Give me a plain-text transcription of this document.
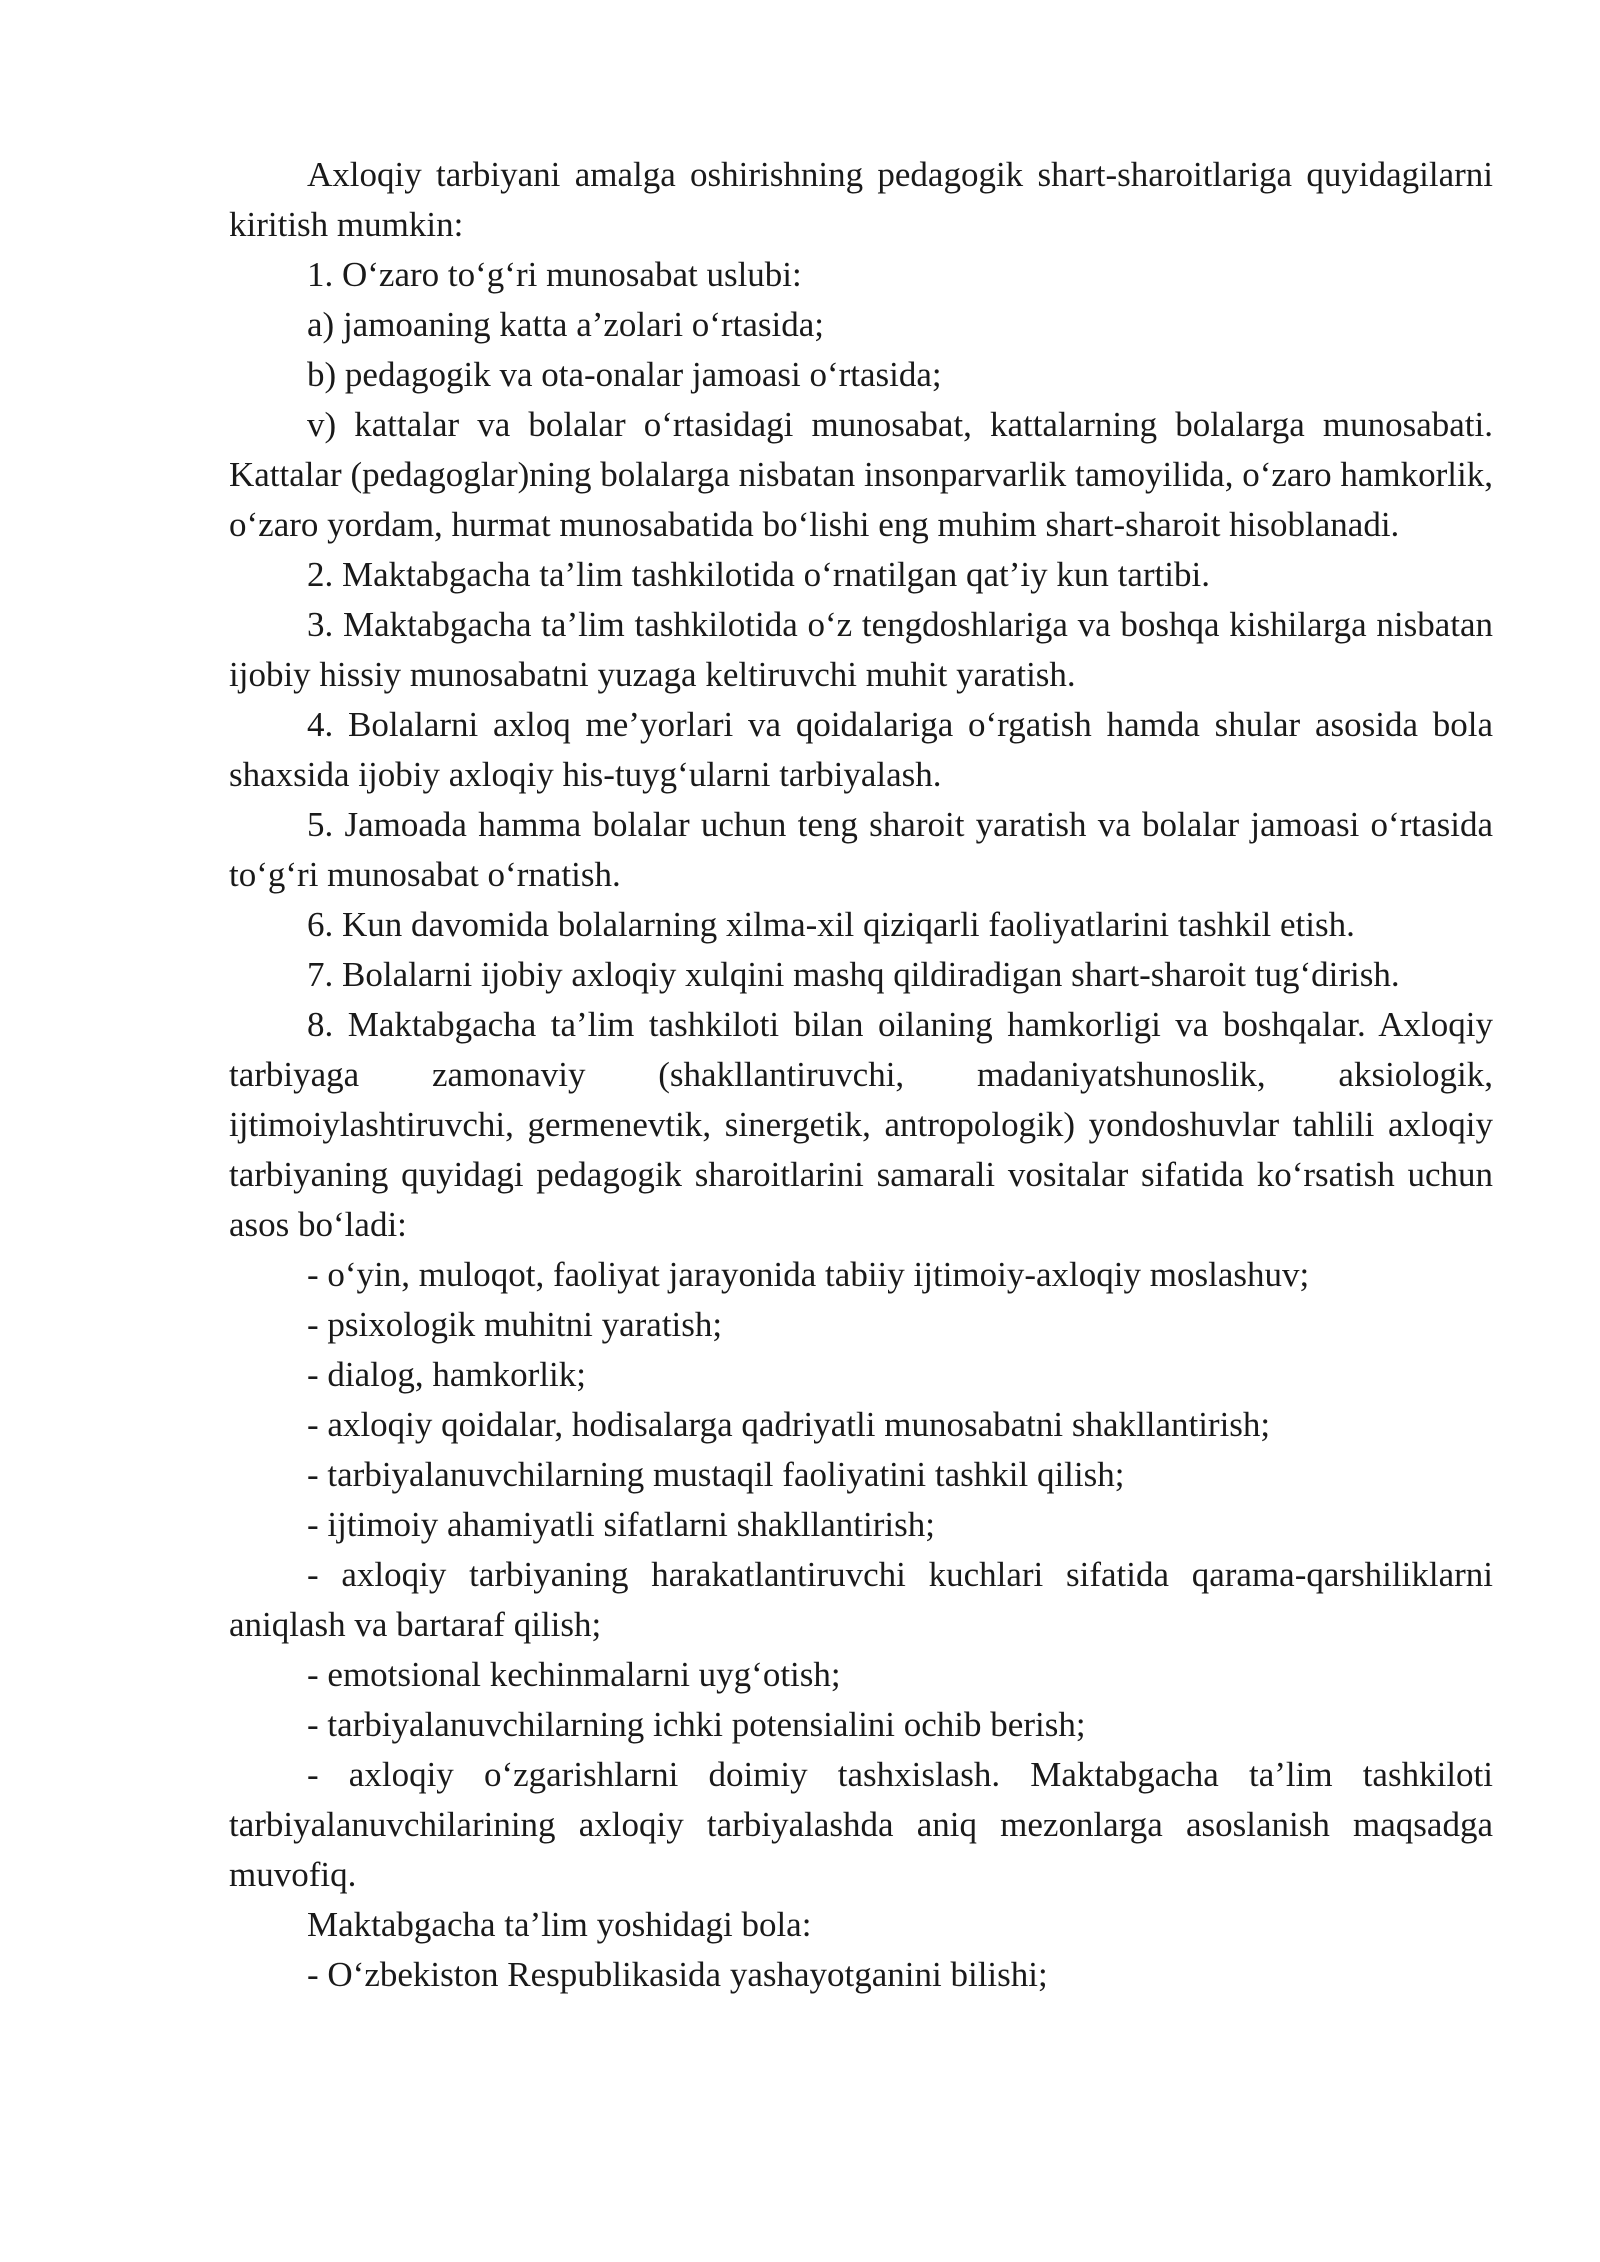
Axloqiy tarbiyani amalga oshirishning pedagogik shart-sharoitlariga quyidagilarni kiritish mumkin:

1. O‘zaro to‘g‘ri munosabat uslubi:

a) jamoaning katta a’zolari o‘rtasida;

b) pedagogik va ota-onalar jamoasi o‘rtasida;

v) kattalar va bolalar o‘rtasidagi munosabat, kattalarning bolalarga munosabati. Kattalar (pedagoglar)ning bolalarga nisbatan insonparvarlik tamoyilida, o‘zaro hamkorlik, o‘zaro yordam, hurmat munosabatida bo‘lishi eng muhim shart-sharoit hisoblanadi.

2. Maktabgacha ta’lim tashkilotida o‘rnatilgan qat’iy kun tartibi.

3. Maktabgacha ta’lim tashkilotida o‘z tengdoshlariga va boshqa kishilarga nisbatan ijobiy hissiy munosabatni yuzaga keltiruvchi muhit yaratish.

4. Bolalarni axloq me’yorlari va qoidalariga o‘rgatish hamda shular asosida bola shaxsida ijobiy axloqiy his-tuyg‘ularni tarbiyalash.

5. Jamoada hamma bolalar uchun teng sharoit yaratish va bolalar jamoasi o‘rtasida to‘g‘ri munosabat o‘rnatish.

6. Kun davomida bolalarning xilma-xil qiziqarli faoliyatlarini tashkil etish.

7. Bolalarni ijobiy axloqiy xulqini mashq qildiradigan shart-sharoit tug‘dirish.

8. Maktabgacha ta’lim tashkiloti bilan oilaning hamkorligi va boshqalar. Axloqiy tarbiyaga zamonaviy (shakllantiruvchi, madaniyatshunoslik, aksiologik, ijtimoiylashtiruvchi, germenevtik, sinergetik, antropologik) yondoshuvlar tahlili axloqiy tarbiyaning quyidagi pedagogik sharoitlarini samarali vositalar sifatida ko‘rsatish uchun asos bo‘ladi:

- o‘yin, muloqot, faoliyat jarayonida tabiiy ijtimoiy-axloqiy moslashuv;

- psixologik muhitni yaratish;

- dialog, hamkorlik;

- axloqiy qoidalar, hodisalarga qadriyatli munosabatni shakllantirish;

- tarbiyalanuvchilarning mustaqil faoliyatini tashkil qilish;

- ijtimoiy ahamiyatli sifatlarni shakllantirish;

- axloqiy tarbiyaning harakatlantiruvchi kuchlari sifatida qarama-qarshiliklarni aniqlash va bartaraf qilish;

- emotsional kechinmalarni uyg‘otish;

- tarbiyalanuvchilarning ichki potensialini ochib berish;

- axloqiy o‘zgarishlarni doimiy tashxislash. Maktabgacha ta’lim tashkiloti tarbiyalanuvchilarining axloqiy tarbiyalashda aniq mezonlarga asoslanish maqsadga muvofiq.

Maktabgacha ta’lim yoshidagi bola:

- O‘zbekiston Respublikasida yashayotganini bilishi;
